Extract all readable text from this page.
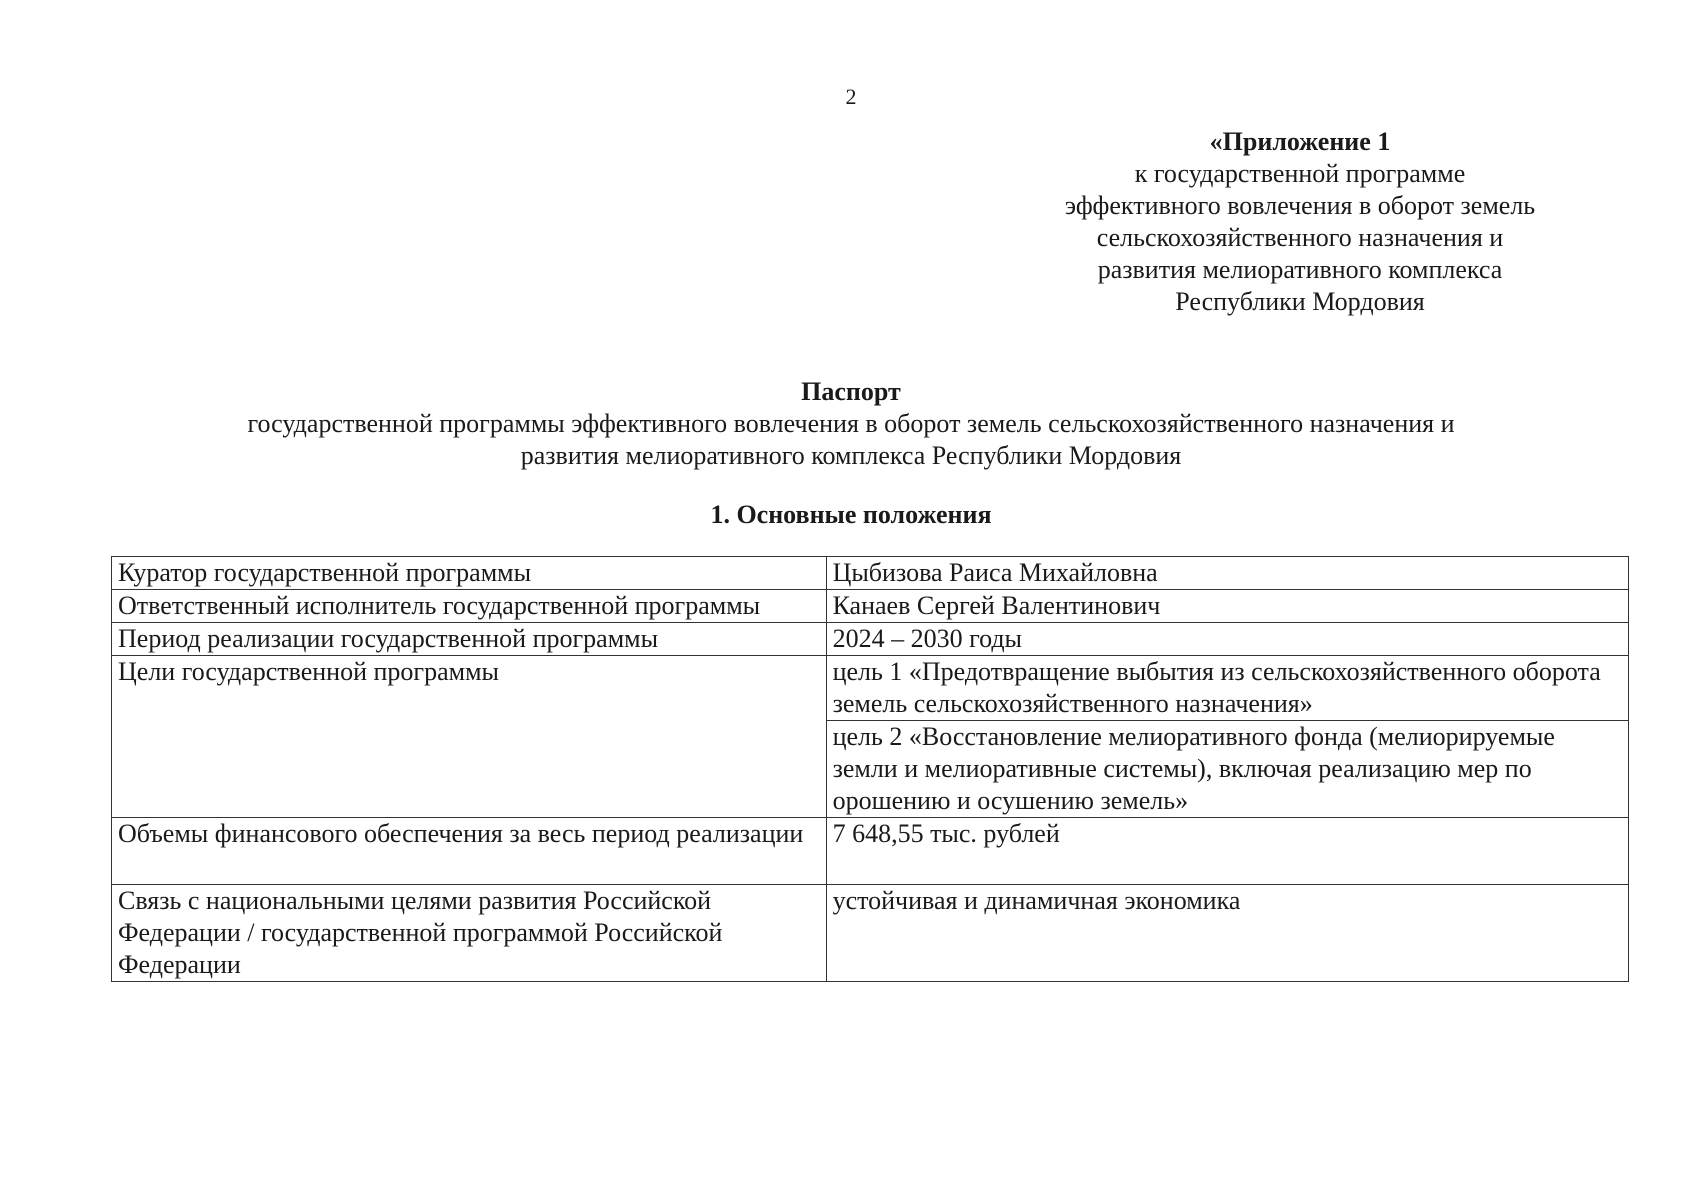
2
«Приложение 1
к государственной программе
эффективного вовлечения в оборот земель
сельскохозяйственного назначения и
развития мелиоративного комплекса
Республики Мордовия
Паспорт
государственной программы эффективного вовлечения в оборот земель сельскохозяйственного назначения и
развития мелиоративного комплекса Республики Мордовия
1. Основные положения
Куратор государственной программы	Цыбизова Раиса Михайловна
Ответственный исполнитель государственной программы	Канаев Сергей Валентинович
Период реализации государственной программы	2024 – 2030 годы
Цели государственной программы	цель 1 «Предотвращение выбытия из сельскохозяйственного оборота земель сельскохозяйственного назначения»
	цель 2 «Восстановление мелиоративного фонда (мелиорируемые земли и мелиоративные системы), включая реализацию мер по орошению и осушению земель»
Объемы финансового обеспечения за весь период реализации	7 648,55 тыс. рублей
Связь с национальными целями развития Российской Федерации / государственной программой Российской Федерации	устойчивая и динамичная экономика
